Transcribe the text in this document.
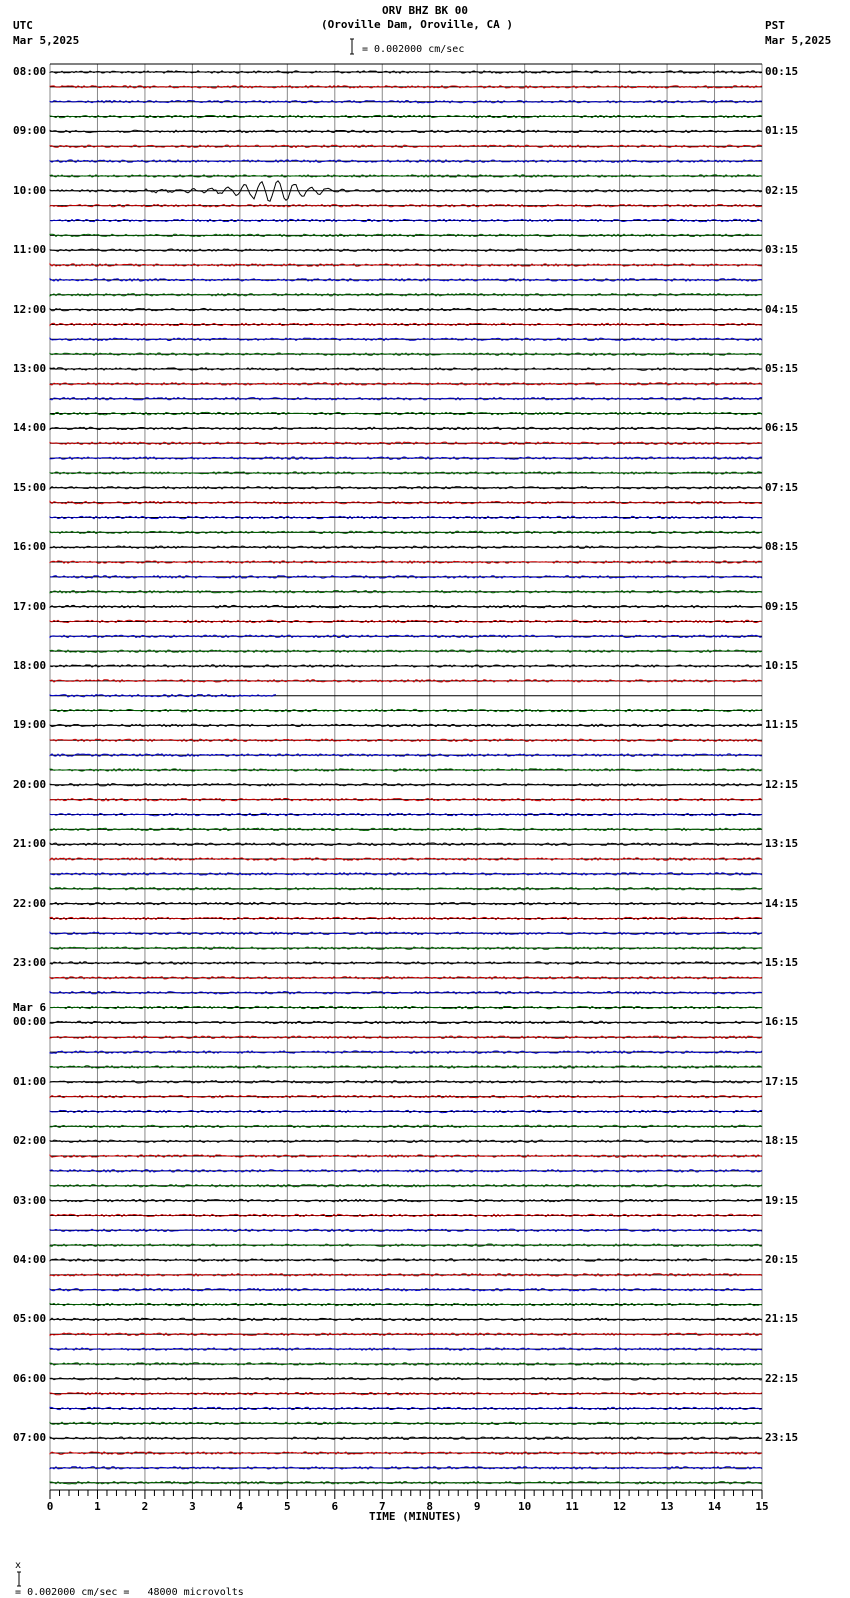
ORV BHZ BK 00
(Oroville Dam, Oroville, CA )
UTC
Mar 5,2025
PST
Mar 5,2025
= 0.002000 cm/sec
08:00
09:00
10:00
11:00
12:00
13:00
14:00
15:00
16:00
17:00
18:00
19:00
20:00
21:00
22:00
23:00
00:00
Mar 6
01:00
02:00
03:00
04:00
05:00
06:00
07:00
00:15
01:15
02:15
03:15
04:15
05:15
06:15
07:15
08:15
09:15
10:15
11:15
12:15
13:15
14:15
15:15
16:15
17:15
18:15
19:15
20:15
21:15
22:15
23:15
0	1	2	3	4	5	6	7	8	9	10	11	12	13	14	15
TIME (MINUTES)

x

= 0.002000 cm/sec =   48000 microvolts
